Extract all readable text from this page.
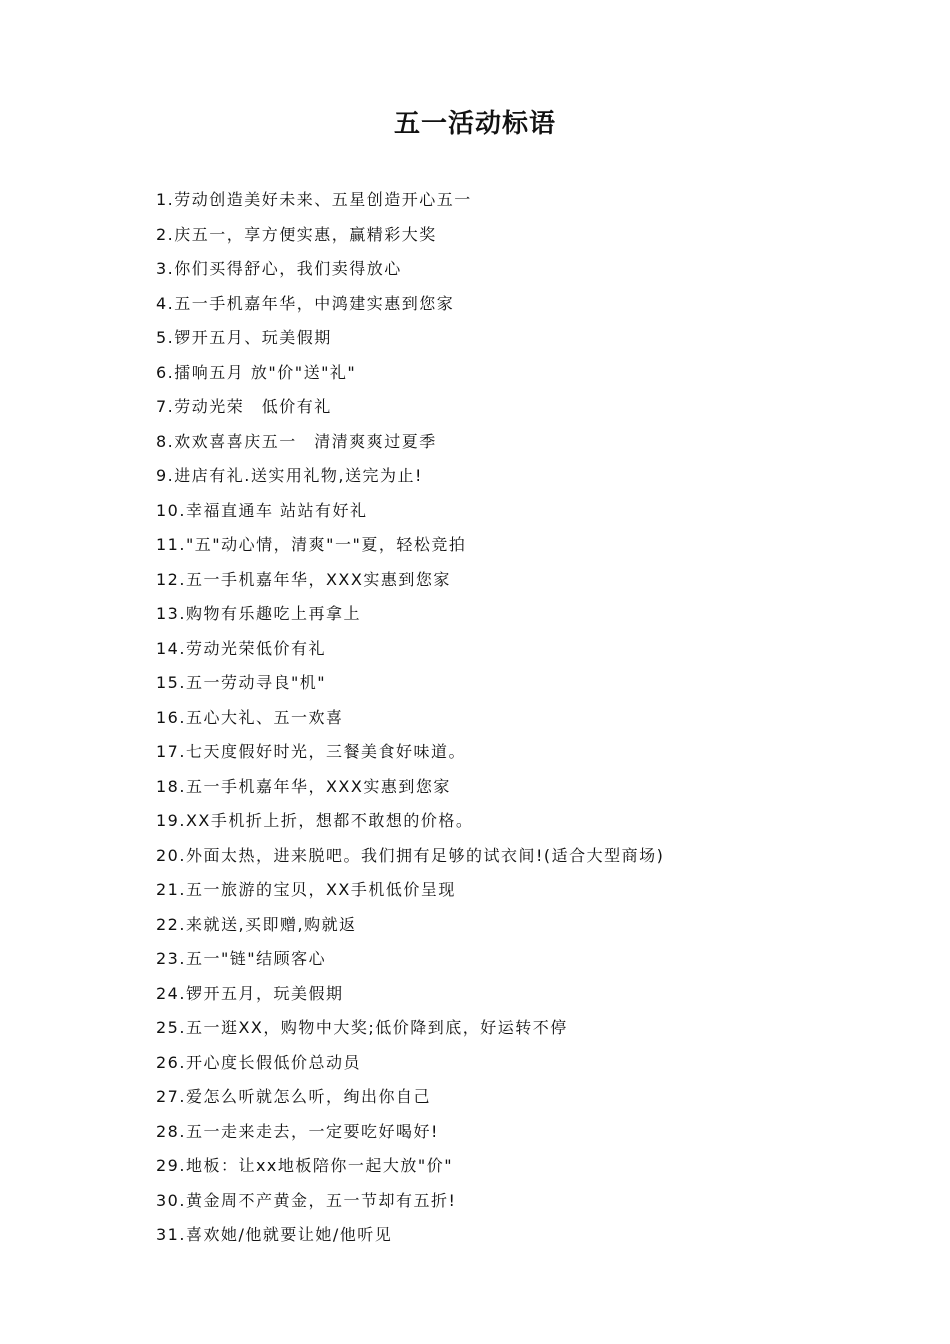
五一活动标语
1.劳动创造美好未来、五星创造开心五一
2.庆五一，享方便实惠，赢精彩大奖
3.你们买得舒心，我们卖得放心
4.五一手机嘉年华，中鸿建实惠到您家
5.锣开五月、玩美假期
6.擂响五月 放"价"送"礼"
7.劳动光荣　低价有礼
8.欢欢喜喜庆五一　清清爽爽过夏季
9.进店有礼.送实用礼物,送完为止!
10.幸福直通车 站站有好礼
11."五"动心情，清爽"一"夏，轻松竞拍
12.五一手机嘉年华，XXX实惠到您家
13.购物有乐趣吃上再拿上
14.劳动光荣低价有礼
15.五一劳动寻良"机"
16.五心大礼、五一欢喜
17.七天度假好时光，三餐美食好味道。
18.五一手机嘉年华，XXX实惠到您家
19.XX手机折上折，想都不敢想的价格。
20.外面太热，进来脱吧。我们拥有足够的试衣间!(适合大型商场)
21.五一旅游的宝贝，XX手机低价呈现
22.来就送,买即赠,购就返
23.五一"链"结顾客心
24.锣开五月，玩美假期
25.五一逛XX，购物中大奖;低价降到底，好运转不停
26.开心度长假低价总动员
27.爱怎么听就怎么听，绚出你自己
28.五一走来走去，一定要吃好喝好!
29.地板：让xx地板陪你一起大放"价"
30.黄金周不产黄金，五一节却有五折!
31.喜欢她/他就要让她/他听见
